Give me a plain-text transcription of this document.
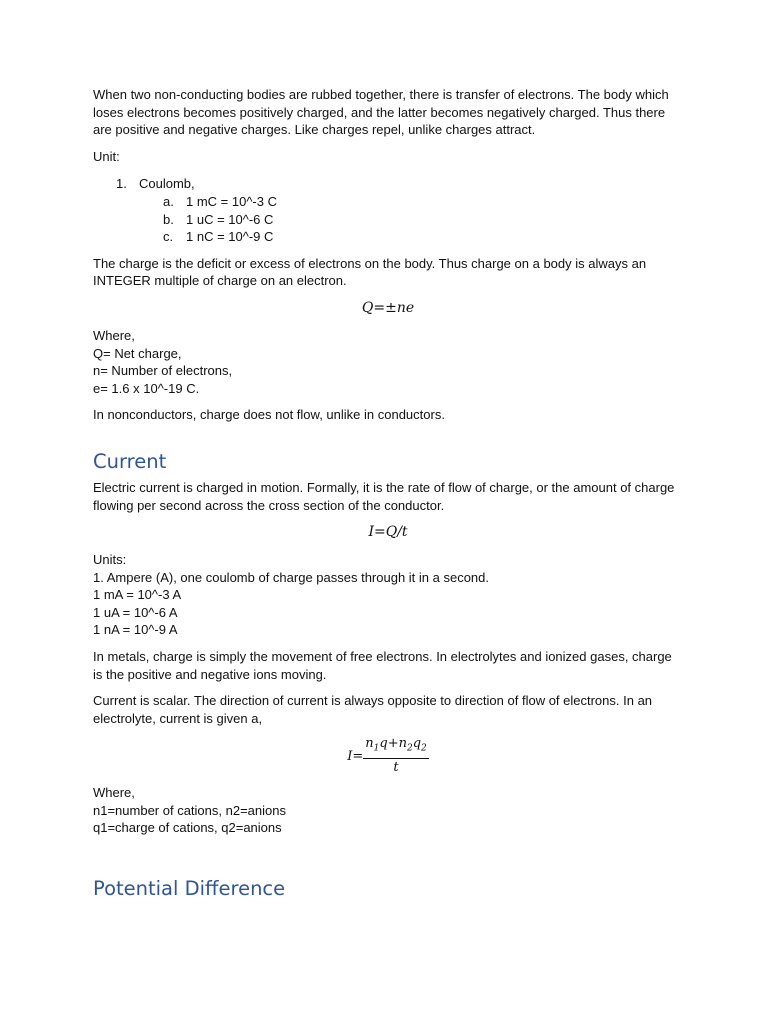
When two non-conducting bodies are rubbed together, there is transfer of electrons. The body which loses electrons becomes positively charged, and the latter becomes negatively charged. Thus there are positive and negative charges. Like charges repel, unlike charges attract.

Unit:

1. Coulomb,
a. 1 mC = 10^-3 C
b. 1 uC = 10^-6 C
c. 1 nC = 10^-9 C

The charge is the deficit or excess of electrons on the body. Thus charge on a body is always an INTEGER multiple of charge on an electron.

Q=±ne
Where,
Q= Net charge,
n= Number of electrons,
e= 1.6 x 10^-19 C.

In nonconductors, charge does not flow, unlike in conductors.

Current

Electric current is charged in motion. Formally, it is the rate of flow of charge, or the amount of charge flowing per second across the cross section of the conductor.

I=Q/t
Units:
1. Ampere (A), one coulomb of charge passes through it in a second.
1 mA = 10^-3 A
1 uA = 10^-6 A
1 nA = 10^-9 A

In metals, charge is simply the movement of free electrons. In electrolytes and ionized gases, charge is the positive and negative ions moving.

Current is scalar. The direction of current is always opposite to direction of flow of electrons. In an electrolyte, current is given a,

$I= \frac{n_1q+n_2q_2}{t}$
Where,
n1=number of cations, n2=anions
q1=charge of cations, q2=anions
Potential Difference
